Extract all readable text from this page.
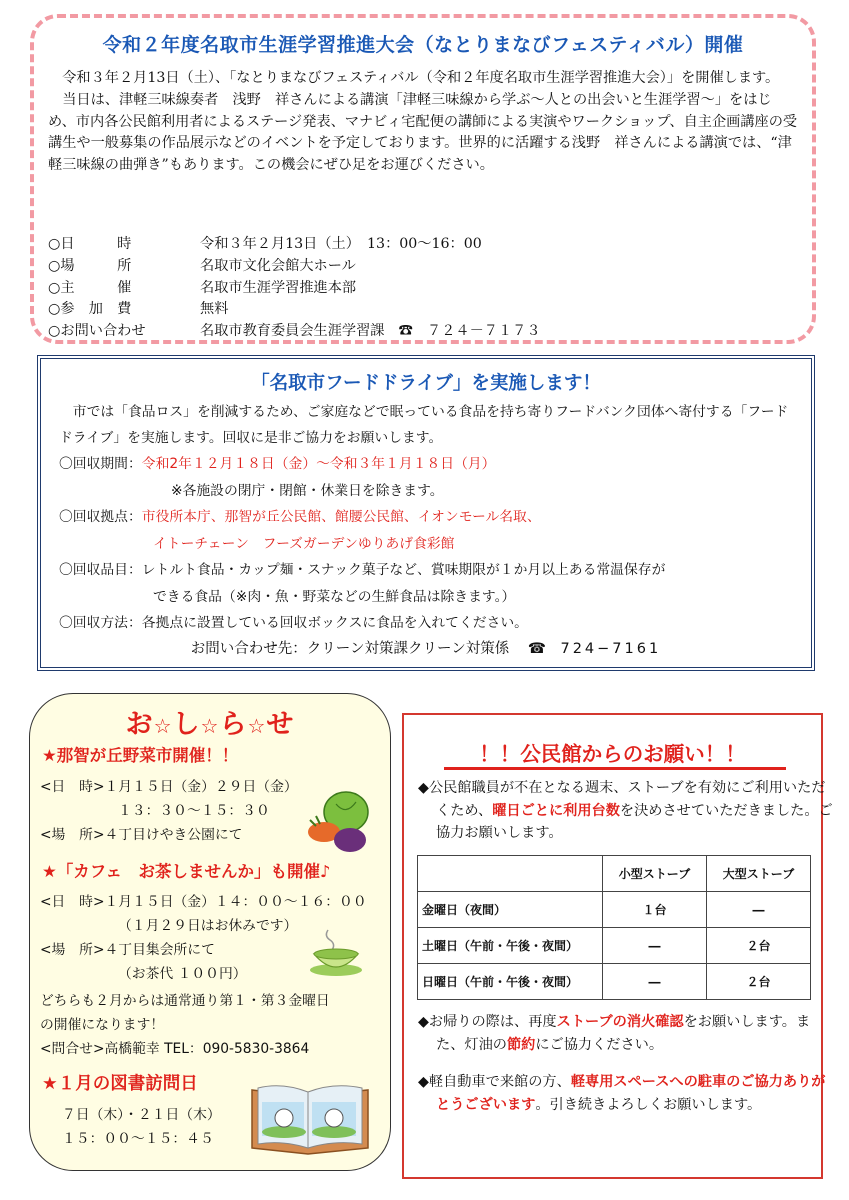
令和２年度名取市生涯学習推進大会（なとりまなびフェスティバル）開催

令和３年２月13日（土）、「なとりまなびフェスティバル（令和２年度名取市生涯学習推進大会）」を開催します。

当日は、津軽三味線奏者　浅野　祥さんによる講演「津軽三味線から学ぶ～人との出会いと生涯学習～」をはじめ、市内各公民館利用者によるステージ発表、マナビィ宅配便の講師による実演やワークショップ、自主企画講座の受講生や一般募集の作品展示などのイベントを予定しております。世界的に活躍する浅野　祥さんによる講演では、“津軽三味線の曲弾き”もあります。この機会にぜひ足をお運びください。

○日　　　時	令和３年２月13日（土）　13：00～16：00
○場　　　所	名取市文化会館大ホール
○主　　　催	名取市生涯学習推進本部
○参　加　費	無料
○お問い合わせ	名取市教育委員会生涯学習課　☎　７２４－７１７３
「名取市フードドライブ」を実施します！
市では「食品ロス」を削減するため、ご家庭などで眠っている食品を持ち寄りフードバンク団体へ寄付する「フードドライブ」を実施します。回収に是非ご協力をお願いします。
〇回収期間：令和2年１２月１８日（金）～令和３年１月１８日（月）
※各施設の閉庁・閉館・休業日を除きます。
〇回収拠点：市役所本庁、那智が丘公民館、館腰公民館、イオンモール名取、
イトーチェーン　フーズガーデンゆりあげ食彩館
〇回収品目：レトルト食品・カップ麺・スナック菓子など、賞味期限が１か月以上ある常温保存が
できる食品（※肉・魚・野菜などの生鮮食品は除きます。）
〇回収方法：各拠点に設置している回収ボックスに食品を入れてください。
お問い合わせ先：クリーン対策課クリーン対策係 ☎ 724−7161
お☆し☆ら☆せ
★那智が丘野菜市開催！！
<日　時>１月１５日（金）２９日（金）
１３：３０～１５：３０
<場　所>４丁目けやき公園にて
★「カフェ　お茶しませんか」も開催♪
<日　時>１月１５日（金）１４：００～１６：００
（１月２９日はお休みです）
<場　所>４丁目集会所にて
（お茶代 １００円）
どちらも２月からは通常通り第１・第３金曜日
の開催になります！
<問合せ>高橋範幸 TEL：090-5830-3864
★１月の図書訪問日
７日（木）・２１日（木）
１５：００～１５：４５
！！公民館からのお願い！！
◆公民館職員が不在となる週末、ストーブを有効にご利用いただくため、曜日ごとに利用台数を決めさせていただきました。ご協力お願いします。
	小型ストーブ	大型ストーブ
金曜日（夜間）	１台	―
土曜日（午前・午後・夜間）	―	２台
日曜日（午前・午後・夜間）	―	２台
◆お帰りの際は、再度ストーブの消火確認をお願いします。また、灯油の節約にご協力ください。
◆軽自動車で来館の方、軽専用スペースへの駐車のご協力ありがとうございます。引き続きよろしくお願いします。
